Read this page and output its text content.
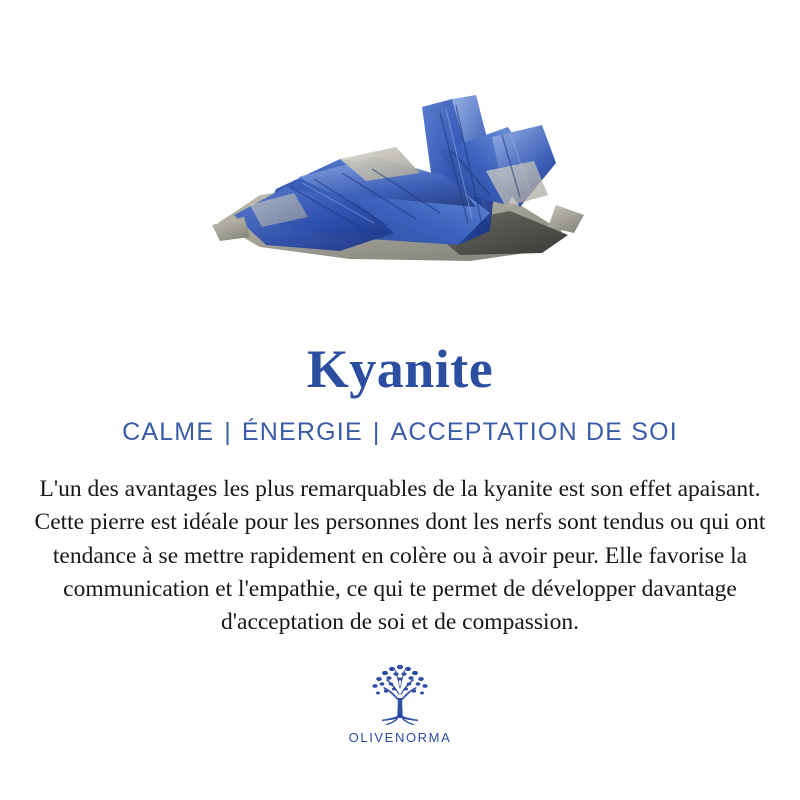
Kyanite
CALME | ÉNERGIE | ACCEPTATION DE SOI

L'un des avantages les plus remarquables de la kyanite est son effet apaisant. Cette pierre est idéale pour les personnes dont les nerfs sont tendus ou qui ont tendance à se mettre rapidement en colère ou à avoir peur. Elle favorise la communication et l'empathie, ce qui te permet de développer davantage d'acceptation de soi et de compassion.

OLIVENORMA
